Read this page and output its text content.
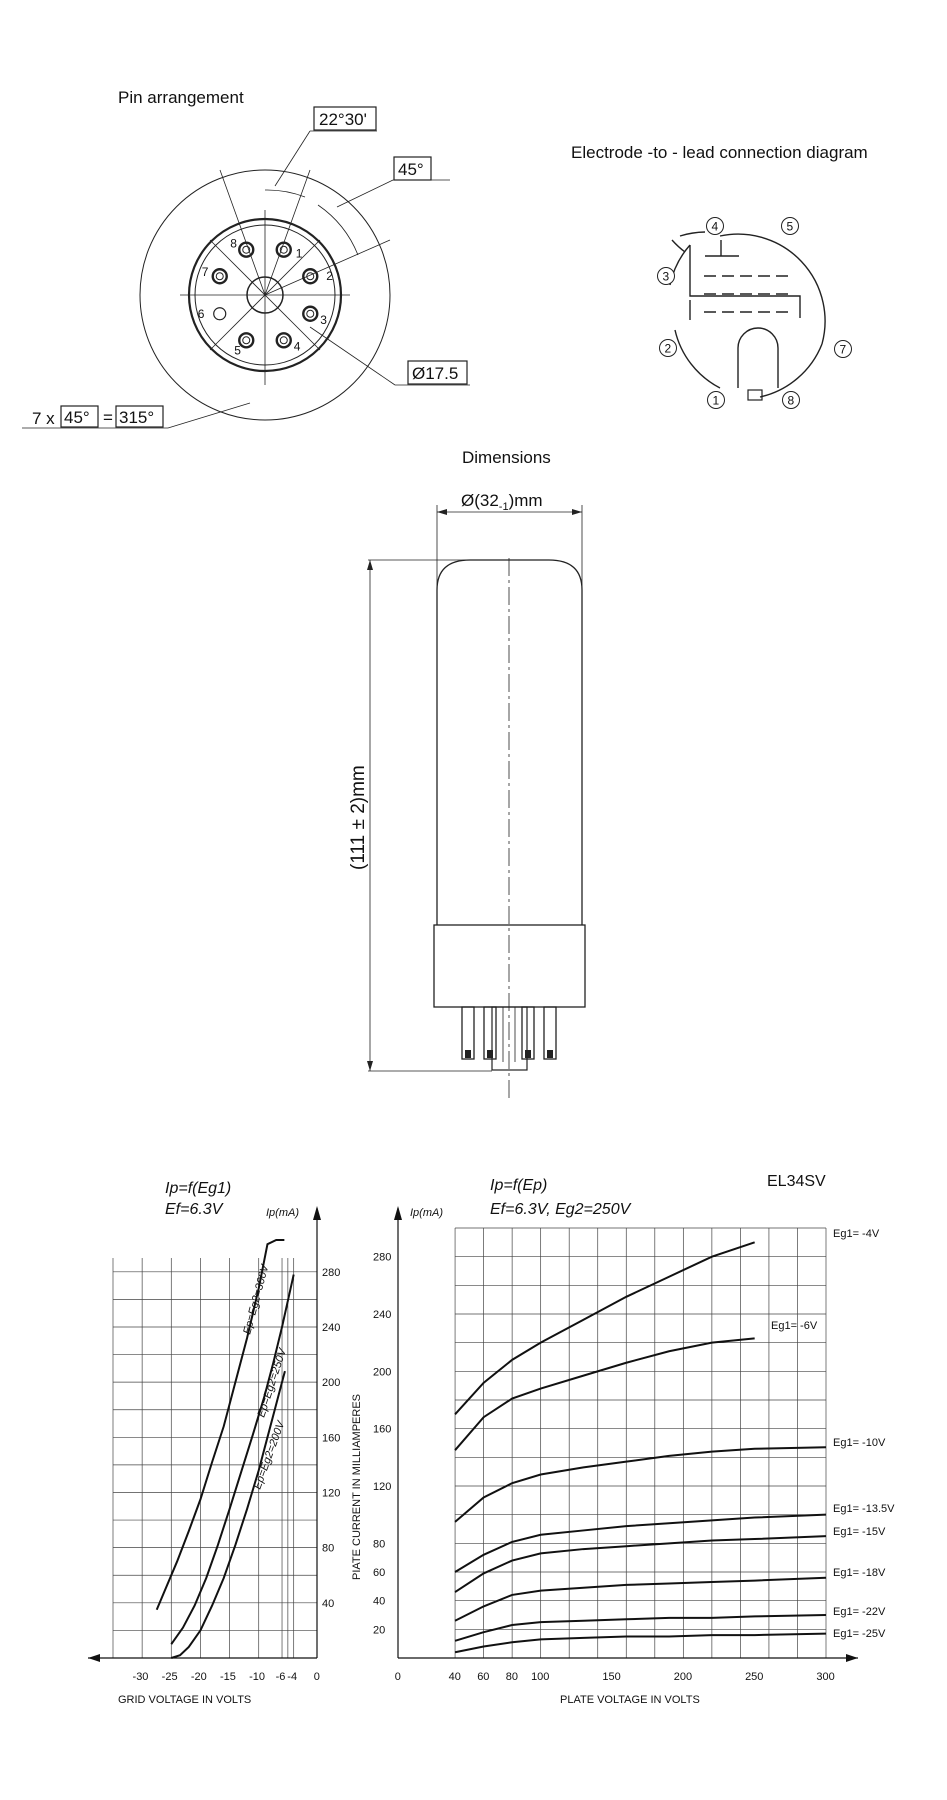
Pin arrangement
22°30'
45°
Ø17.5
7 x 45° = 315°
1
2
3
4
5
6
7
8
Electrode -to - lead connection diagram
1
2
3
4	5
7
8
Dimensions
$Ø(32_{-1})mm$
(111 ± 2)mm
Ip=f(Eg1)
Ef=6.3V	Ip(mA)
GRID VOLTAGE IN VOLTS
Ep=Eg2=300V
Ep=Eg2=250V
Ep=Eg2=200V
280
240
200
160
120
80
40
-30 -25 -20 -15 -10 -6 -4 0
Ip=f(Ep)
Ef=6.3V, Eg2=250V
Ip(mA)
EL34SV
PIATE CURRENT IN MILLIAMPERES
PLATE VOLTAGE IN VOLTS
Eg1= -4V
Eg1= -6V
Eg1= -10V
Eg1= -13.5V
Eg1= -15V
Eg1= -18V
Eg1= -22V
Eg1= -25V
280
240
200
160
120
80
60
40
20
0	40 60 80 100	150	200	250	300
